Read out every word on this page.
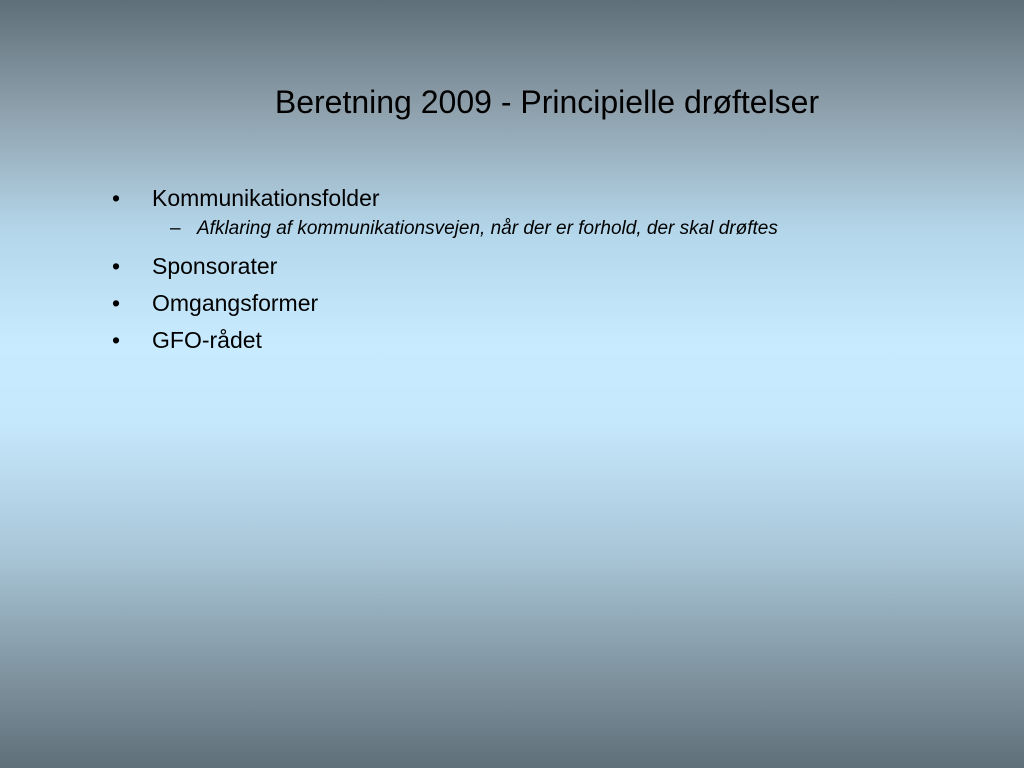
Beretning 2009 - Principielle drøftelser
•	Kommunikationsfolder
– Afklaring af kommunikationsvejen, når der er forhold, der skal drøftes
•	Sponsorater
•	Omgangsformer
•	GFO-rådet
